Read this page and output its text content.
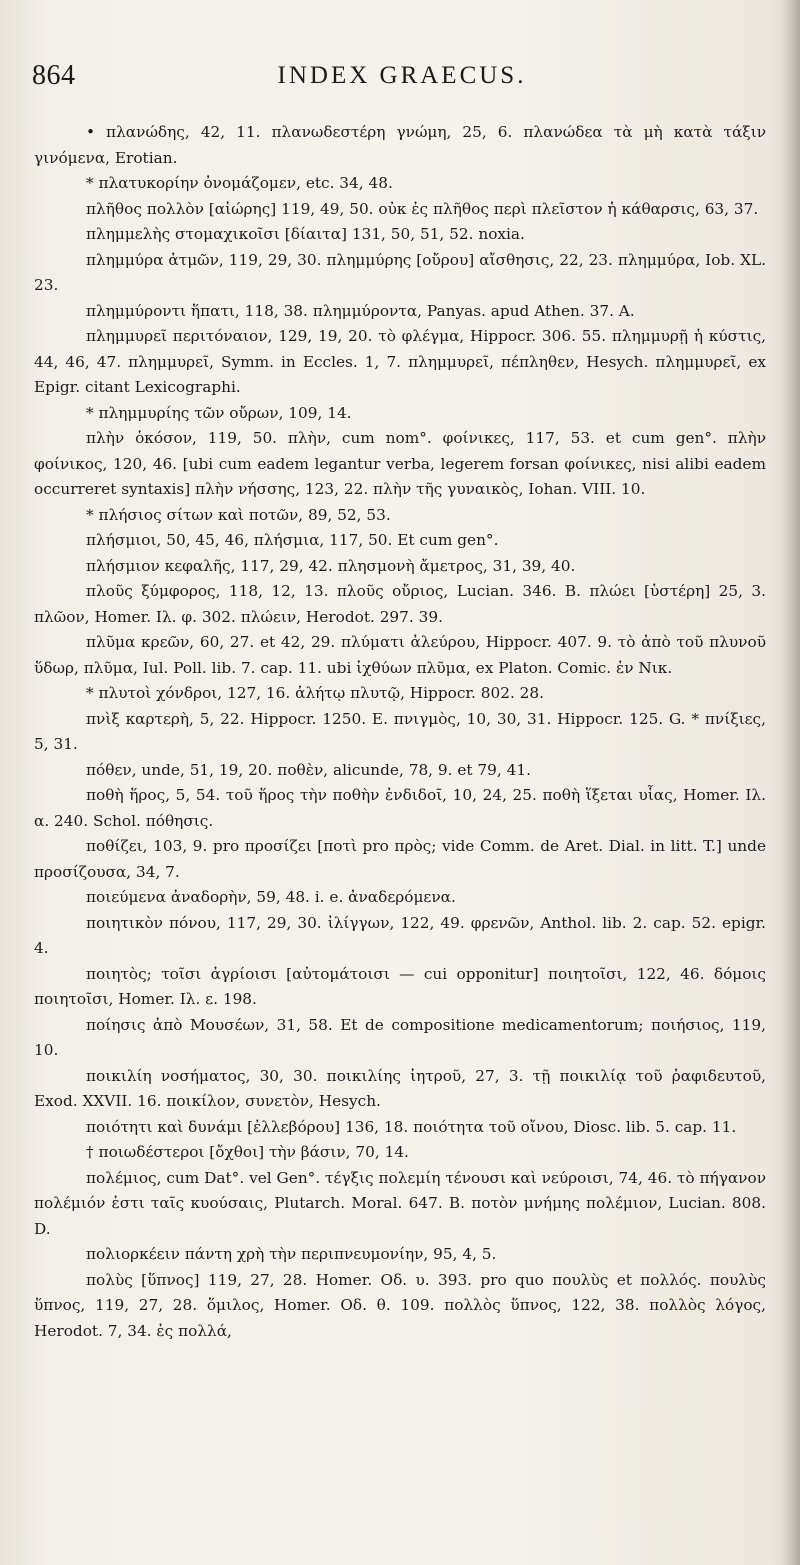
864	INDEX GRAECUS.

• πλανώδης, 42, 11. πλανωδεστέρη γνώμη, 25, 6. πλανώδεα τὰ μὴ κατὰ τάξιν γινόμενα, Erotian.

* πλατυκορίην ὀνομάζομεν, etc. 34, 48.

πλῆθος πολλὸν [αἰώρης] 119, 49, 50. οὐκ ἐς πλῆθος περὶ πλεῖστον ἡ κάθαρσις, 63, 37.

πλημμελὴς στομαχικοῖσι [δίαιτα] 131, 50, 51, 52. noxia.

πλημμύρα ἀτμῶν, 119, 29, 30. πλημμύρης [οὔρου] αἴσθησις, 22, 23. πλημμύρα, Iob. XL. 23.

πλημμύροντι ἥπατι, 118, 38. πλημμύροντα, Panyas. apud Athen. 37. A.

πλημμυρεῖ περιτόναιον, 129, 19, 20. τὸ φλέγμα, Hippocr. 306. 55. πλημμυρῇ ἡ κύστις, 44, 46, 47. πλημμυρεῖ, Symm. in Eccles. 1, 7. πλημμυρεῖ, πέπληθεν, Hesych. πλημμυρεῖ, ex Epigr. citant Lexicographi.

* πλημμυρίης τῶν οὔρων, 109, 14.

πλὴν ὁκόσον, 119, 50. πλὴν, cum nom°. φοίνικες, 117, 53. et cum gen°. πλὴν φοίνικος, 120, 46. [ubi cum eadem legantur verba, legerem forsan φοίνικες, nisi alibi eadem occurreret syntaxis] πλὴν νήσσης, 123, 22. πλὴν τῆς γυναικὸς, Iohan. VIII. 10.

* πλήσιος σίτων καὶ ποτῶν, 89, 52, 53.

πλήσμιοι, 50, 45, 46, πλήσμια, 117, 50. Et cum gen°.

πλήσμιον κεφαλῆς, 117, 29, 42. πλησμονὴ ἄμετρος, 31, 39, 40.

πλοῦς ξύμφορος, 118, 12, 13. πλοῦς οὔριος, Lucian. 346. B. πλώει [ὑστέρη] 25, 3. πλῶον, Homer. Ιλ. φ. 302. πλώειν, Herodot. 297. 39.

πλῦμα κρεῶν, 60, 27. et 42, 29. πλύματι ἀλεύρου, Hippocr. 407. 9. τὸ ἀπὸ τοῦ πλυνοῦ ὕδωρ, πλῦμα, Iul. Poll. lib. 7. cap. 11. ubi ἰχθύων πλῦμα, ex Platon. Comic. ἐν Νικ.

* πλυτοὶ χόνδροι, 127, 16. ἀλήτῳ πλυτῷ, Hippocr. 802. 28.

πνὶξ καρτερὴ, 5, 22. Hippocr. 1250. E. πνιγμὸς, 10, 30, 31. Hippocr. 125. G. * πνίξιες, 5, 31.

πόθεν, unde, 51, 19, 20. ποθὲν, alicunde, 78, 9. et 79, 41.

ποθὴ ἥρος, 5, 54. τοῦ ἥρος τὴν ποθὴν ἐνδιδοῖ, 10, 24, 25. ποθὴ ἵξεται υἷας, Homer. Ιλ. α. 240. Schol. πόθησις.

ποθίζει, 103, 9. pro προσίζει [ποτὶ pro πρὸς; vide Comm. de Aret. Dial. in litt. T.] unde προσίζουσα, 34, 7.

ποιεύμενα ἀναδορὴν, 59, 48. i. e. ἀναδερόμενα.

ποιητικὸν πόνου, 117, 29, 30. ἰλίγγων, 122, 49. φρενῶν, Anthol. lib. 2. cap. 52. epigr. 4.

ποιητὸς; τοῖσι ἀγρίοισι [αὐτομάτοισι — cui opponitur] ποιητοῖσι, 122, 46. δόμοις ποιητοῖσι, Homer. Ιλ. ε. 198.

ποίησις ἀπὸ Μουσέων, 31, 58. Et de compositione medicamentorum; ποιήσιος, 119, 10.

ποικιλίη νοσήματος, 30, 30. ποικιλίης ἰητροῦ, 27, 3. τῇ ποικιλίᾳ τοῦ ῥαφιδευτοῦ, Exod. XXVII. 16. ποικίλον, συνετὸν, Hesych.

ποιότητι καὶ δυνάμι [ἐλλεβόρου] 136, 18. ποιότητα τοῦ οἴνου, Diosc. lib. 5. cap. 11.

† ποιωδέστεροι [ὄχθοι] τὴν βάσιν, 70, 14.

πολέμιος, cum Dat°. vel Gen°. τέγξις πολεμίη τένουσι καὶ νεύροισι, 74, 46. τὸ πήγανον πολέμιόν ἐστι ταῖς κυούσαις, Plutarch. Moral. 647. B. ποτὸν μνήμης πολέμιον, Lucian. 808. D.

πολιορκέειν πάντη χρὴ τὴν περιπνευμονίην, 95, 4, 5.

πολὺς [ὕπνος] 119, 27, 28. Homer. Οδ. υ. 393. pro quo πουλὺς et πολλός. πουλὺς ὕπνος, 119, 27, 28. ὅμιλος, Homer. Οδ. θ. 109. πολλὸς ὕπνος, 122, 38. πολλὸς λόγος, Herodot. 7, 34. ἐς πολλά,
